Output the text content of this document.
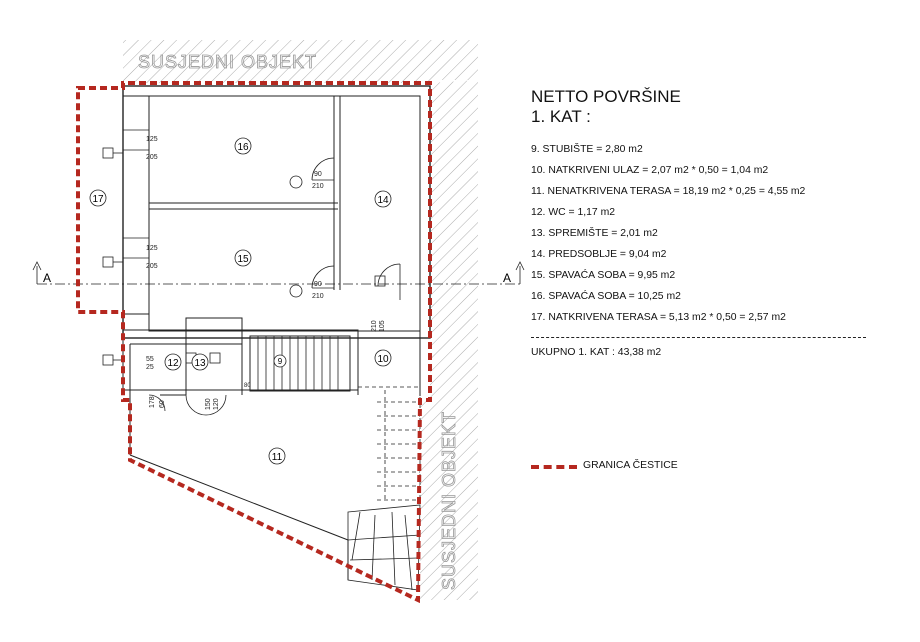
SUSJEDNI OBJEKT
SUSJEDNI OBJEKT
A	A
16
15
14
17
12 13	9	10
11
125
205
125
205
90
210
90
210
105
210
55
25
60
178	120
150
80
NETTO POVRŠINE
1. KAT :
9. STUBIŠTE = 2,80 m2
10. NATKRIVENI ULAZ = 2,07 m2 * 0,50 = 1,04 m2
11. NENATKRIVENA TERASA = 18,19 m2 * 0,25 = 4,55 m2
12. WC = 1,17 m2
13. SPREMIŠTE = 2,01 m2
14. PREDSOBLJE = 9,04 m2
15. SPAVAĆA SOBA = 9,95 m2
16. SPAVAĆA SOBA = 10,25 m2
17. NATKRIVENA TERASA = 5,13 m2 * 0,50 = 2,57 m2
UKUPNO 1. KAT : 43,38 m2
GRANICA ČESTICE
